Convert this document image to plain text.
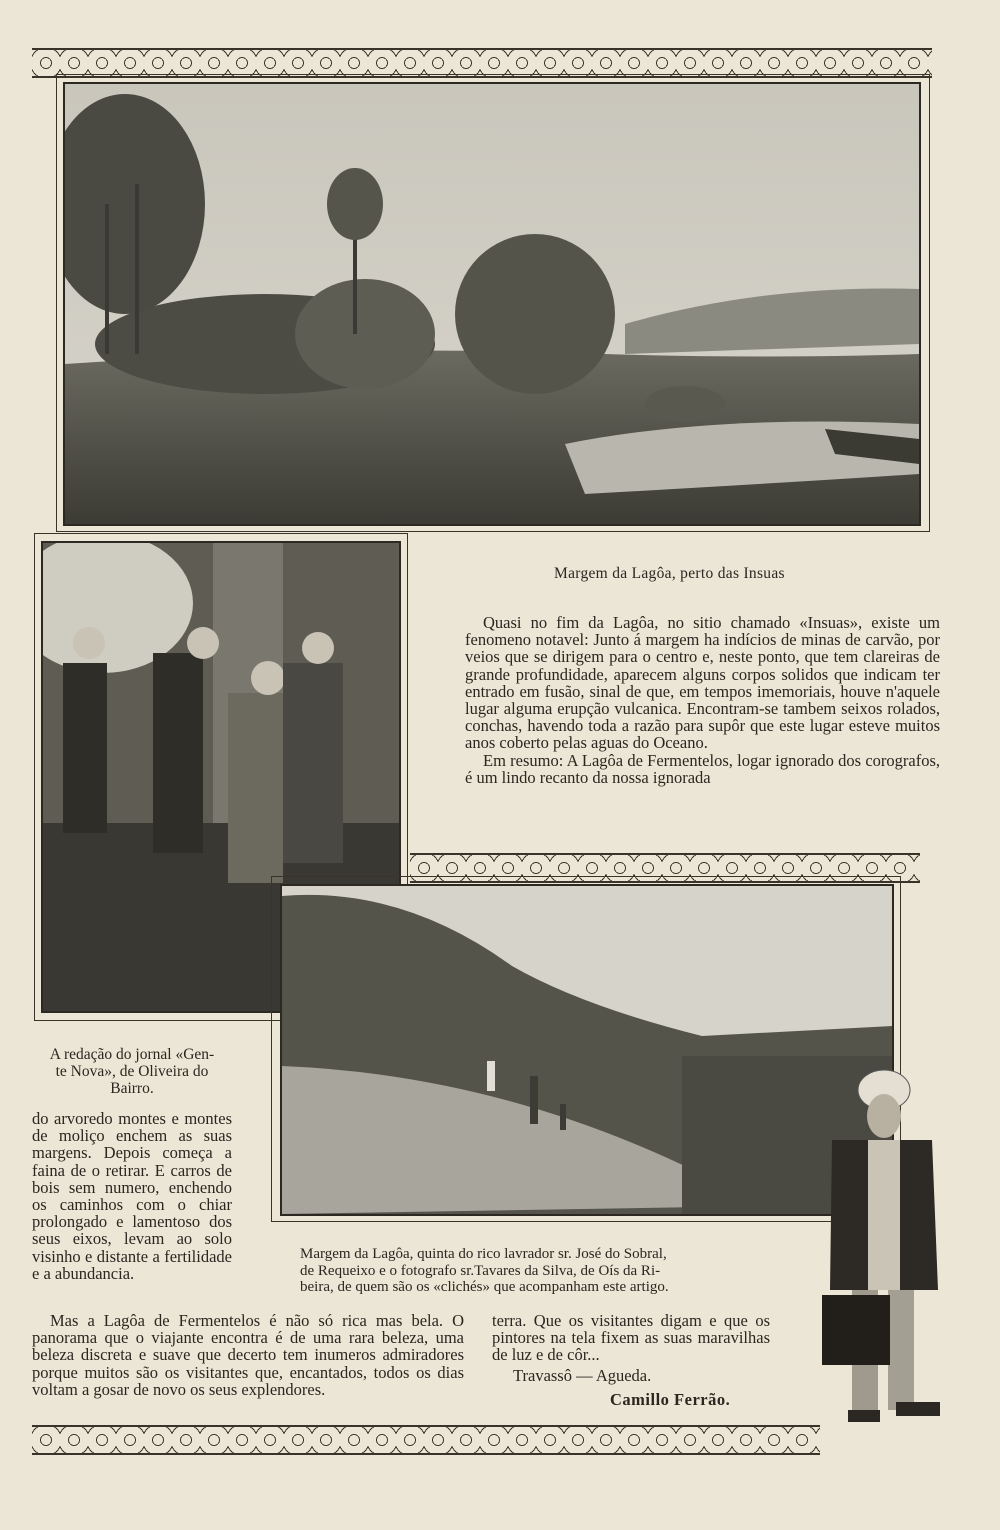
Margem da Lagôa, perto das Insuas

Quasi no fim da Lagôa, no sitio chamado «Insuas», existe um fenomeno notavel: Junto á margem ha indícios de minas de carvão, por veios que se dirigem para o centro e, neste ponto, que tem clareiras de grande profundidade, aparecem alguns corpos solidos que indicam ter entrado em fusão, sinal de que, em tempos imemoriais, houve n'aquele lugar alguma erupção vulcanica. Encontram-se tambem seixos rolados, conchas, havendo toda a razão para supôr que este lugar esteve muitos anos coberto pelas aguas do Oceano.

Em resumo: A Lagôa de Fermentelos, logar ignorado dos corografos, é um lindo recanto da nossa ignorada

A redação do jornal «Gen-
te Nova», de Oliveira do
Bairro.

do arvoredo montes e montes de moliço enchem as suas margens. Depois começa a faina de o retirar. E carros de bois sem numero, enchendo os caminhos com o chiar prolongado e lamentoso dos seus eixos, levam ao solo visinho e distante a fertilidade e a abundancia.

Margem da Lagôa, quinta do rico lavrador sr. José do Sobral,
de Requeixo e o fotografo sr.Tavares da Silva, de Oís da Ri-
beira, de quem são os «clichés» que acompanham este artigo.

Mas a Lagôa de Fermentelos é não só rica mas bela. O panorama que o viajante encontra é de uma rara beleza, uma beleza discreta e suave que decerto tem inumeros admiradores porque muitos são os visitantes que, encantados, todos os dias voltam a gosar de novo os seus explendores.

terra. Que os visitantes digam e que os pintores na tela fixem as suas maravilhas de luz e de côr...

Travassô — Agueda.
Camillo Ferrão.
